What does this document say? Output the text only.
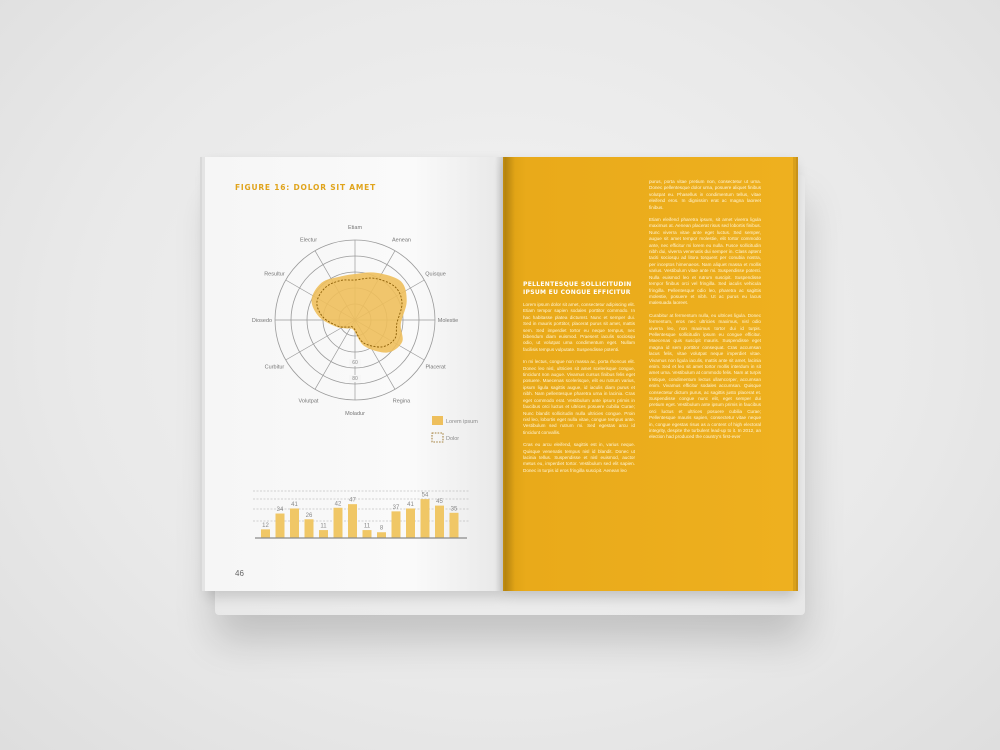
FIGURE 16: DOLOR SIT AMET
60
80
Etiam
Aenean
Quisque
Molestie
Placerat
Regina
Moladur
Volutpat
Curbitur
Diosedo
Resultur
Electur
Lorem ipsum
Dolor
12
34
41
26
11
42
47
11 8
37 41
54
45
35
46
PELLENTESQUE SOLLICITUDIN IPSUM EU CONGUE EFFICITUR

Lorem ipsum dolor sit amet, consectetur adipiscing elit. Etiam tempor sapien sodales porttitor commodo. In hac habitasse platea dictumst. Nunc et semper dui. Sed in mauris porttitor, placerat purus sit amet, mattis sem. Sed imperdiet tortor eu neque tempus, nec bibendum diam euismod. Praesent iaculis sociosqu odio, ut volutpat urna condimentum eget. Nullam facilisis tempus vulputate. Suspendisse potenti.

In mi lectus, congue non massa ac, porta rhoncus elit. Donec leo nisl, ultricies sit amet scelerisque congue, tincidunt non augue. Vivamus cursus finibus felis eget posuere. Maecenas scelerisque, elit eu rutrum varius, ipsum ligula sagittis augue, id iaculis diam purus et nibh. Nam pellentesque pharetra urna in lacinia. Cras eget commodo erat. Vestibulum ante ipsum primis in faucibus orci luctus et ultrices posuere cubilia Curae; Nunc blandit sollicitudin nulla ultricies congue. Proin nisl leo, lobortis eget nulla vitae, congue tempus ante. Vestibulum sed rutrum mi. Sed egestas arcu id tincidunt convallis.

Cras eu arcu eleifend, sagittis est in, varius neque. Quisque venenatis tempus nisl id blandit. Donec ut lacinia tellus. Suspendisse et nisl euismod, auctor metus eu, imperdiet tortor. Vestibulum sed elit sapien. Donec in turpis id eros fringilla suscipit. Aenean leo

purus, porta vitae pretium non, consectetur ut urna. Donec pellentesque dolor urna, posuere aliquet finibus volutpat eu. Phasellus in condimentum tellus, vitae eleifend eros. In dignissim erat ac magna laoreet finibus.

Etiam eleifend pharetra ipsum, sit amet viverra ligula maximus at. Aenean placerat risus sed lobortis finibus. Nunc viverra vitae ante eget luctus. Sed semper, augue sit amet tempor molestie, elit tortor commodo ante, nec efficitur mi lorem eu nulla. Fusce sollicitudin nibh dui, viverra venenatis dui semper in. Class aptent taciti sociosqu ad litora torquent per conubia nostra, per inceptos himenaeos. Nam aliquet massa et mollis varius. Vestibulum vitae ante mi. Suspendisse potenti. Nulla euismod leo et rutrum suscipit. Suspendisse tempor finibus orci vel fringilla. Sed iaculis vehicula fringilla. Pellentesque odio leo, pharetra ac sagittis molestie, posuere et nibh. Ut ac purus eu lacus malesuada laoreet.

Curabitur at fermentum nulla, eu ultrices ligula. Donec fermentum, eros nec ultricies maximus, nisl odio viverra leo, non maximus tortor dui id turpis. Pellentesque sollicitudin ipsum eu congue efficitur. Maecenas quis suscipit mauris. Suspendisse eget magna id sem porttitor consequat. Cras accumsan lacus felis, vitae volutpat neque imperdiet vitae. Vivamus non ligula iaculis, mattis ante sit amet, lacinia enim. Sed et leo sit amet tortor mollis interdum in sit amet urna. Vestibulum at commodo felis. Nam at turpis tristique, condimentum lectus ullamcorper, accumsan enim. Vivamus efficitur sodales accumsan. Quisque consectetur dictum purus, ac sagittis justo placerat et. Suspendisse congue nunc elit, eget semper dui pretium eget. Vestibulum ante ipsum primis in faucibus orci luctus et ultrices posuere cubilia Curae; Pellentesque mauris sapien, consectetur vitae neque in, congue egestas risus as a content of high electoral integrity, despite the turbulent lead-up to it. In 2012, an election had produced the country's first-ever
